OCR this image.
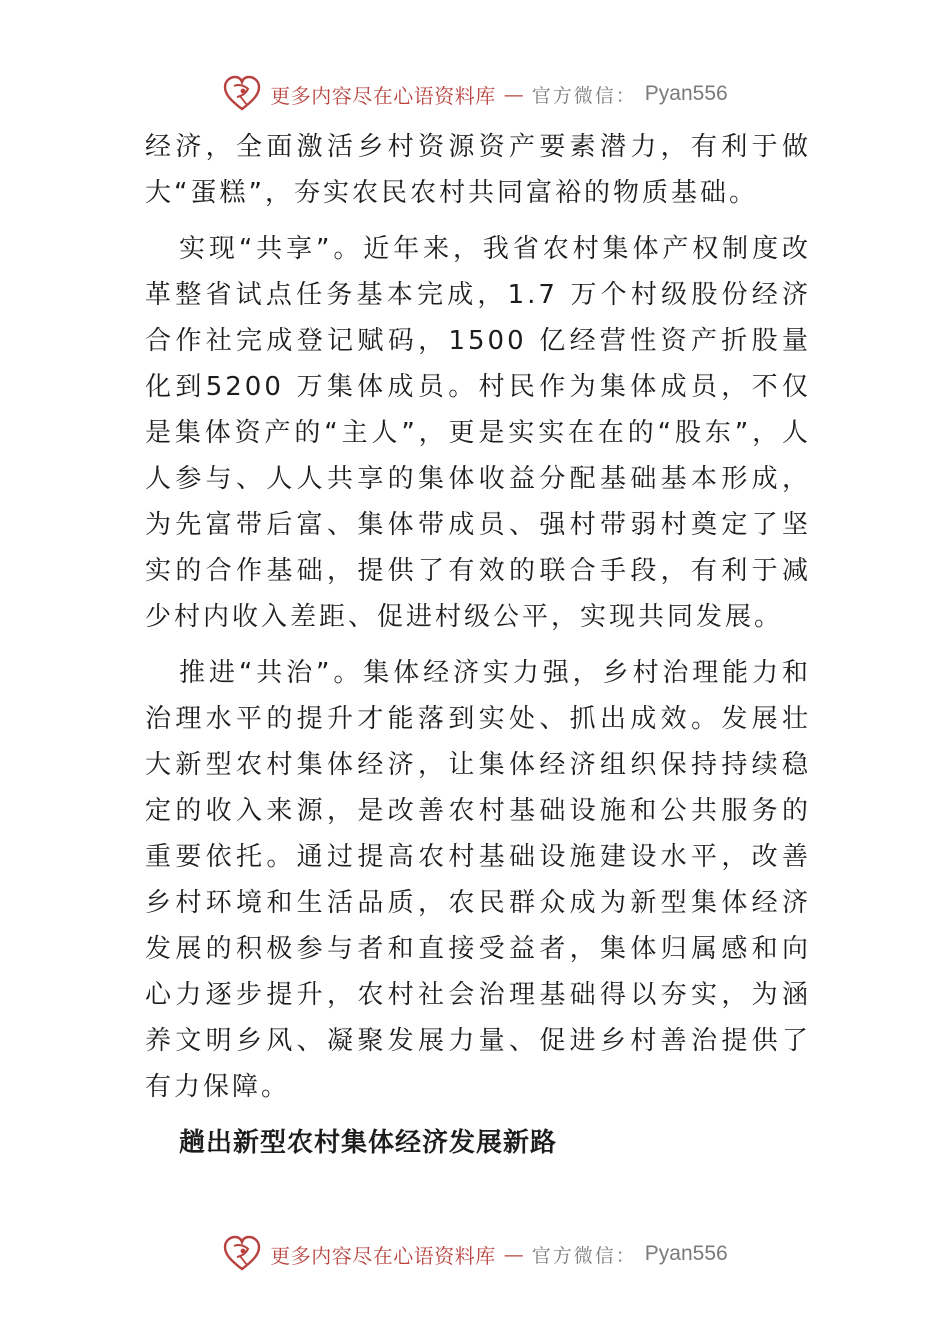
更多内容尽在心语资料库 — 官方微信： Pyan556

经济，全面激活乡村资源资产要素潜力，有利于做大“蛋糕”，夯实农民农村共同富裕的物质基础。

实现“共享”。近年来，我省农村集体产权制度改革整省试点任务基本完成，1.7 万个村级股份经济合作社完成登记赋码，1500 亿经营性资产折股量化到5200 万集体成员。村民作为集体成员，不仅是集体资产的“主人”，更是实实在在的“股东”，人人参与、人人共享的集体收益分配基础基本形成，为先富带后富、集体带成员、强村带弱村奠定了坚实的合作基础，提供了有效的联合手段，有利于减少村内收入差距、促进村级公平，实现共同发展。

推进“共治”。集体经济实力强，乡村治理能力和治理水平的提升才能落到实处、抓出成效。发展壮大新型农村集体经济，让集体经济组织保持持续稳定的收入来源，是改善农村基础设施和公共服务的重要依托。通过提高农村基础设施建设水平，改善乡村环境和生活品质，农民群众成为新型集体经济发展的积极参与者和直接受益者，集体归属感和向心力逐步提升，农村社会治理基础得以夯实，为涵养文明乡风、凝聚发展力量、促进乡村善治提供了有力保障。

趟出新型农村集体经济发展新路
更多内容尽在心语资料库 — 官方微信： Pyan556
